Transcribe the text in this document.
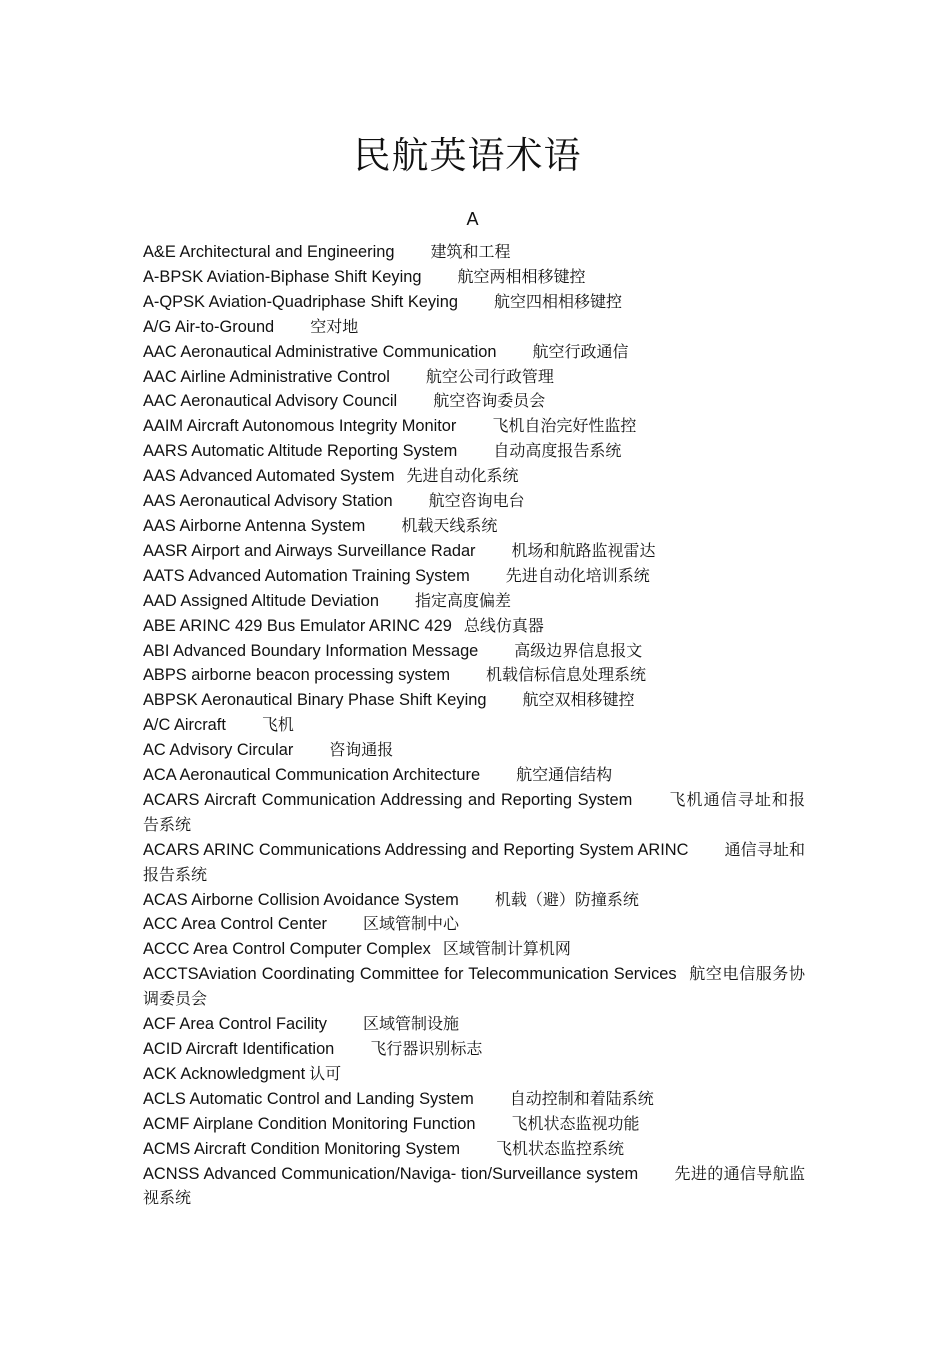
民航英语术语
A
A&E Architectural and Engineering 建筑和工程
A-BPSK Aviation-Biphase Shift Keying 航空两相相移键控
A-QPSK Aviation-Quadriphase Shift Keying 航空四相相移键控
A/G Air-to-Ground 空对地
AAC Aeronautical Administrative Communication 航空行政通信
AAC Airline Administrative Control 航空公司行政管理
AAC Aeronautical Advisory Council 航空咨询委员会
AAIM Aircraft Autonomous Integrity Monitor 飞机自治完好性监控
AARS Automatic Altitude Reporting System 自动高度报告系统
AAS Advanced Automated System 先进自动化系统
AAS Aeronautical Advisory Station 航空咨询电台
AAS Airborne Antenna System 机载天线系统
AASR Airport and Airways Surveillance Radar 机场和航路监视雷达
AATS Advanced Automation Training System 先进自动化培训系统
AAD Assigned Altitude Deviation 指定高度偏差
ABE ARINC 429 Bus Emulator ARINC 429 总线仿真器
ABI Advanced Boundary Information Message 高级边界信息报文
ABPS airborne beacon processing system 机载信标信息处理系统
ABPSK Aeronautical Binary Phase Shift Keying 航空双相移键控
A/C Aircraft 飞机
AC Advisory Circular 咨询通报
ACA Aeronautical Communication Architecture 航空通信结构
ACARS Aircraft Communication Addressing and Reporting System 飞机通信寻址和报告系统
ACARS ARINC Communications Addressing and Reporting System ARINC 通信寻址和报告系统
ACAS Airborne Collision Avoidance System 机载（避）防撞系统
ACC Area Control Center 区域管制中心
ACCC Area Control Computer Complex 区域管制计算机网
ACCTSAviation Coordinating Committee for Telecommunication Services 航空电信服务协调委员会
ACF Area Control Facility 区域管制设施
ACID Aircraft Identification 飞行器识别标志
ACK Acknowledgment 认可
ACLS Automatic Control and Landing System 自动控制和着陆系统
ACMF Airplane Condition Monitoring Function 飞机状态监视功能
ACMS Aircraft Condition Monitoring System 飞机状态监控系统
ACNSS Advanced Communication/Naviga- tion/Surveillance system 先进的通信导航监视系统
